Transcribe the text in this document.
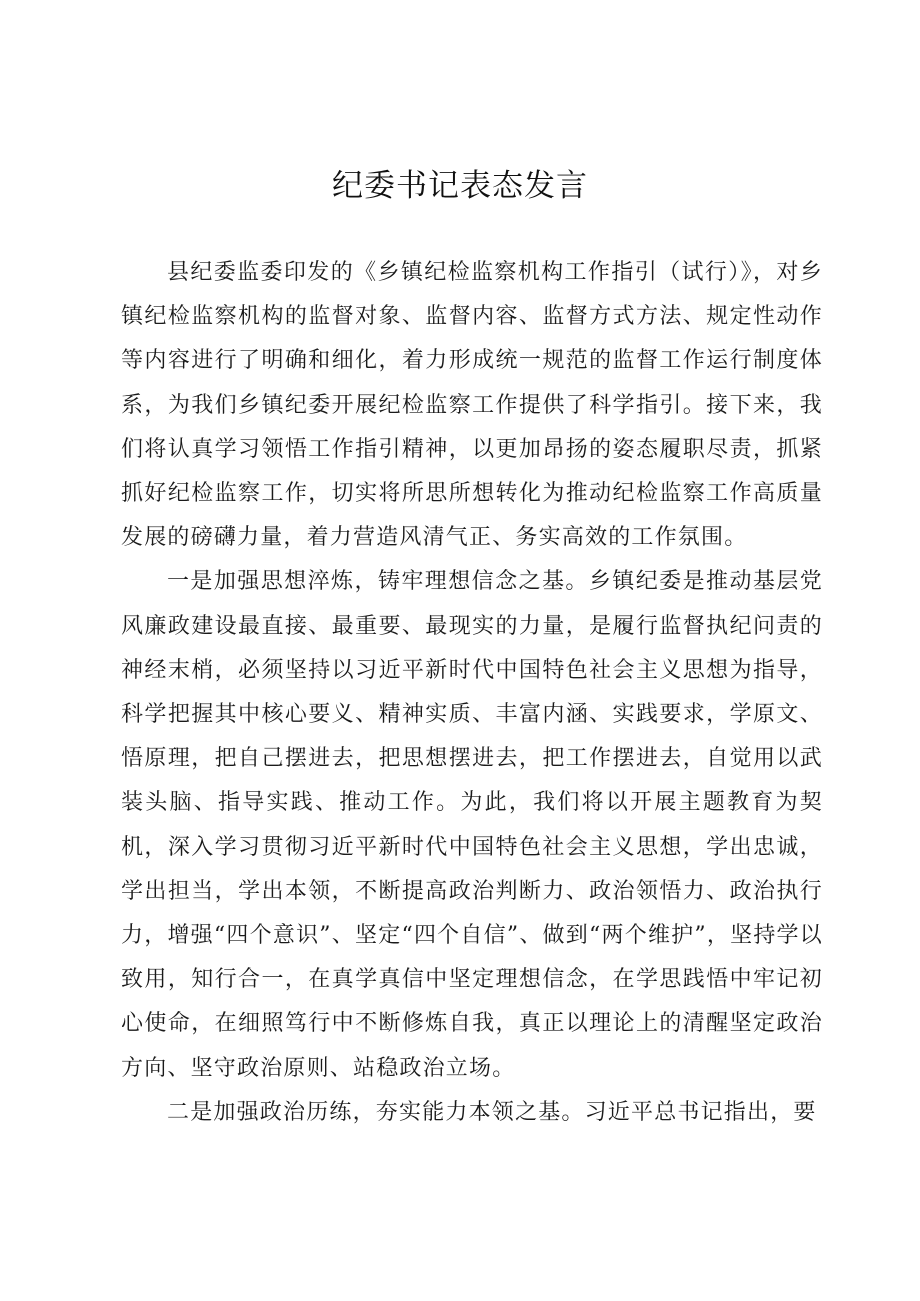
纪委书记表态发言

县纪委监委印发的《乡镇纪检监察机构工作指引（试行）》，对乡镇纪检监察机构的监督对象、监督内容、监督方式方法、规定性动作等内容进行了明确和细化，着力形成统一规范的监督工作运行制度体系，为我们乡镇纪委开展纪检监察工作提供了科学指引。接下来，我们将认真学习领悟工作指引精神，以更加昂扬的姿态履职尽责，抓紧抓好纪检监察工作，切实将所思所想转化为推动纪检监察工作高质量发展的磅礴力量，着力营造风清气正、务实高效的工作氛围。

一是加强思想淬炼，铸牢理想信念之基。乡镇纪委是推动基层党风廉政建设最直接、最重要、最现实的力量，是履行监督执纪问责的神经末梢，必须坚持以习近平新时代中国特色社会主义思想为指导，科学把握其中核心要义、精神实质、丰富内涵、实践要求，学原文、悟原理，把自己摆进去，把思想摆进去，把工作摆进去，自觉用以武装头脑、指导实践、推动工作。为此，我们将以开展主题教育为契机，深入学习贯彻习近平新时代中国特色社会主义思想，学出忠诚，学出担当，学出本领，不断提高政治判断力、政治领悟力、政治执行力，增强“四个意识”、坚定“四个自信”、做到“两个维护”，坚持学以致用，知行合一，在真学真信中坚定理想信念，在学思践悟中牢记初心使命，在细照笃行中不断修炼自我，真正以理论上的清醒坚定政治方向、坚守政治原则、站稳政治立场。

二是加强政治历练，夯实能力本领之基。习近平总书记指出，要
